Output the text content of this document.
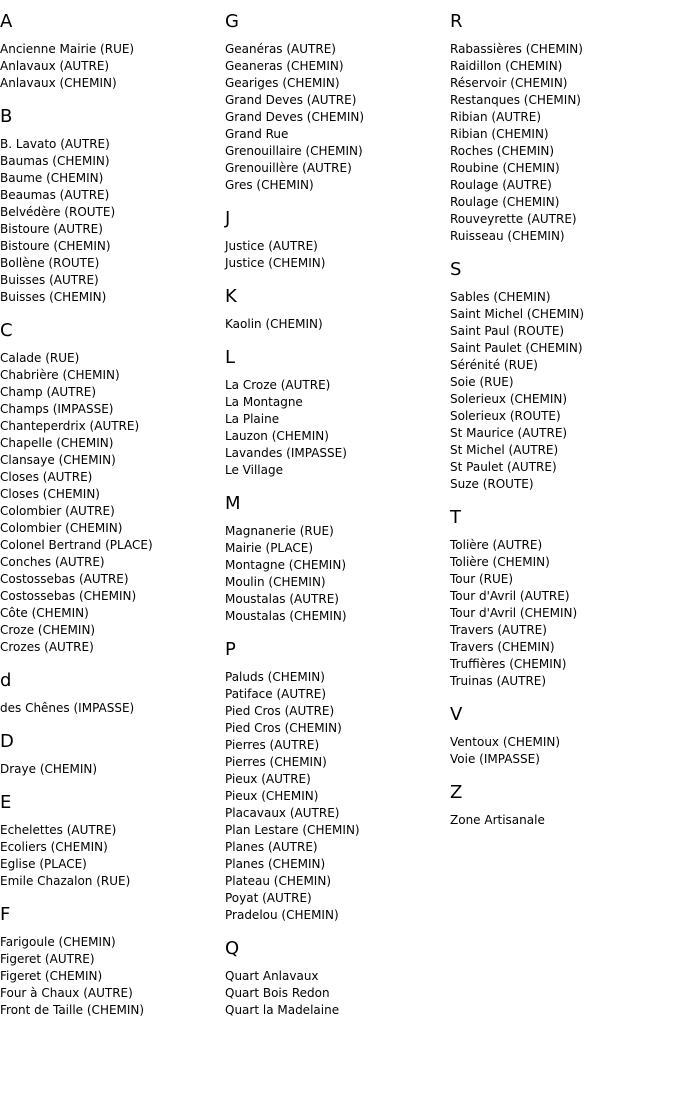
A
Ancienne Mairie (RUE)
Anlavaux (AUTRE)
Anlavaux (CHEMIN)
B
B. Lavato (AUTRE)
Baumas (CHEMIN)
Baume (CHEMIN)
Beaumas (AUTRE)
Belvédère (ROUTE)
Bistoure (AUTRE)
Bistoure (CHEMIN)
Bollène (ROUTE)
Buisses (AUTRE)
Buisses (CHEMIN)
C
Calade (RUE)
Chabrière (CHEMIN)
Champ (AUTRE)
Champs (IMPASSE)
Chanteperdrix (AUTRE)
Chapelle (CHEMIN)
Clansaye (CHEMIN)
Closes (AUTRE)
Closes (CHEMIN)
Colombier (AUTRE)
Colombier (CHEMIN)
Colonel Bertrand (PLACE)
Conches (AUTRE)
Costossebas (AUTRE)
Costossebas (CHEMIN)
Côte (CHEMIN)
Croze (CHEMIN)
Crozes (AUTRE)
d
des Chênes (IMPASSE)
D
Draye (CHEMIN)
E
Echelettes (AUTRE)
Ecoliers (CHEMIN)
Eglise (PLACE)
Emile Chazalon (RUE)
F
Farigoule (CHEMIN)
Figeret (AUTRE)
Figeret (CHEMIN)
Four à Chaux (AUTRE)
Front de Taille (CHEMIN)
G
Geanéras (AUTRE)
Geaneras (CHEMIN)
Geariges (CHEMIN)
Grand Deves (AUTRE)
Grand Deves (CHEMIN)
Grand Rue
Grenouillaire (CHEMIN)
Grenouillère (AUTRE)
Gres (CHEMIN)
J
Justice (AUTRE)
Justice (CHEMIN)
K
Kaolin (CHEMIN)
L
La Croze (AUTRE)
La Montagne
La Plaine
Lauzon (CHEMIN)
Lavandes (IMPASSE)
Le Village
M
Magnanerie (RUE)
Mairie (PLACE)
Montagne (CHEMIN)
Moulin (CHEMIN)
Moustalas (AUTRE)
Moustalas (CHEMIN)
P
Paluds (CHEMIN)
Patiface (AUTRE)
Pied Cros (AUTRE)
Pied Cros (CHEMIN)
Pierres (AUTRE)
Pierres (CHEMIN)
Pieux (AUTRE)
Pieux (CHEMIN)
Placavaux (AUTRE)
Plan Lestare (CHEMIN)
Planes (AUTRE)
Planes (CHEMIN)
Plateau (CHEMIN)
Poyat (AUTRE)
Pradelou (CHEMIN)
Q
Quart Anlavaux
Quart Bois Redon
Quart la Madelaine
R
Rabassières (CHEMIN)
Raidillon (CHEMIN)
Réservoir (CHEMIN)
Restanques (CHEMIN)
Ribian (AUTRE)
Ribian (CHEMIN)
Roches (CHEMIN)
Roubine (CHEMIN)
Roulage (AUTRE)
Roulage (CHEMIN)
Rouveyrette (AUTRE)
Ruisseau (CHEMIN)
S
Sables (CHEMIN)
Saint Michel (CHEMIN)
Saint Paul (ROUTE)
Saint Paulet (CHEMIN)
Sérénité (RUE)
Soie (RUE)
Solerieux (CHEMIN)
Solerieux (ROUTE)
St Maurice (AUTRE)
St Michel (AUTRE)
St Paulet (AUTRE)
Suze (ROUTE)
T
Tolière (AUTRE)
Tolière (CHEMIN)
Tour (RUE)
Tour d'Avril (AUTRE)
Tour d'Avril (CHEMIN)
Travers (AUTRE)
Travers (CHEMIN)
Truffières (CHEMIN)
Truinas (AUTRE)
V
Ventoux (CHEMIN)
Voie (IMPASSE)
Z
Zone Artisanale
